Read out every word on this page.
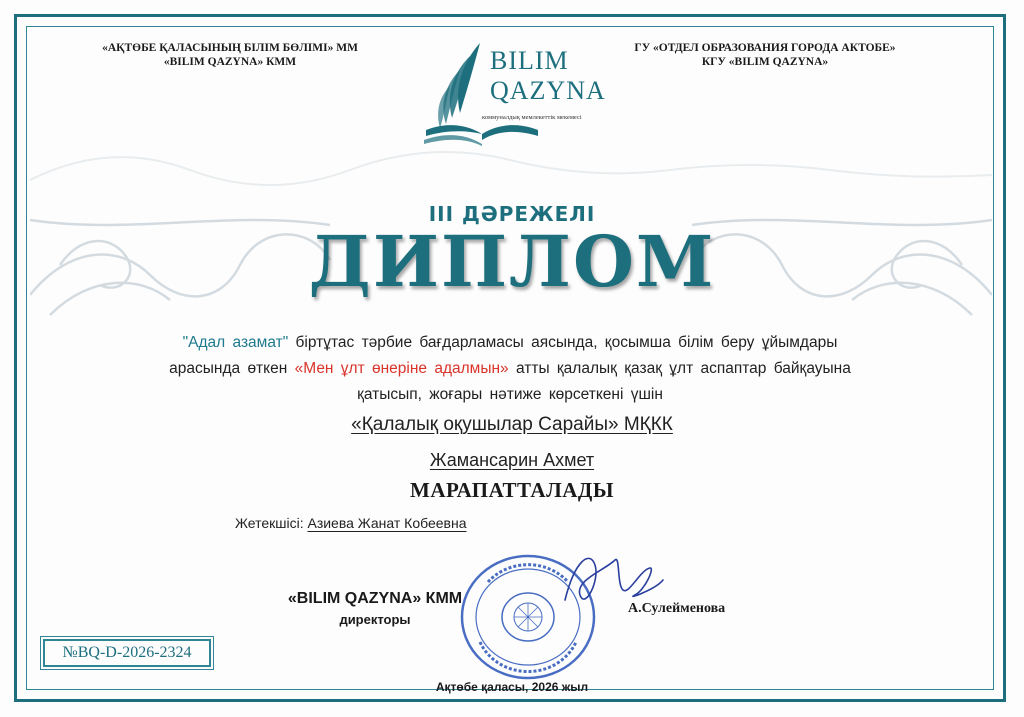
«АҚТӨБЕ ҚАЛАСЫНЫҢ БІЛІМ БӨЛІМІ» ММ
«BILIM QAZYNA» КММ
ГУ «ОТДЕЛ ОБРАЗОВАНИЯ ГОРОДА АКТОБЕ»
КГУ «BILIM QAZYNA»
BILIM
QAZYNA
коммуналдық мемлекеттік мекемесі
III ДӘРЕЖЕЛІ
ДИПЛОМ
"Адал азамат" біртұтас тәрбие бағдарламасы аясында, қосымша білім беру ұйымдары арасында өткен «Мен ұлт өнеріне адалмын» атты қалалық қазақ ұлт аспаптар байқауына қатысып, жоғары нәтиже көрсеткені үшін
«Қалалық оқушылар Сарайы» МҚКК
Жамансарин Ахмет
МАРАПАТТАЛАДЫ
Жетекшісі: Азиева Жанат Кобеевна
«BILIM QAZYNA» КММ
директоры
А.Сулейменова
№BQ-D-2026-2324
Ақтөбе қаласы, 2026 жыл
